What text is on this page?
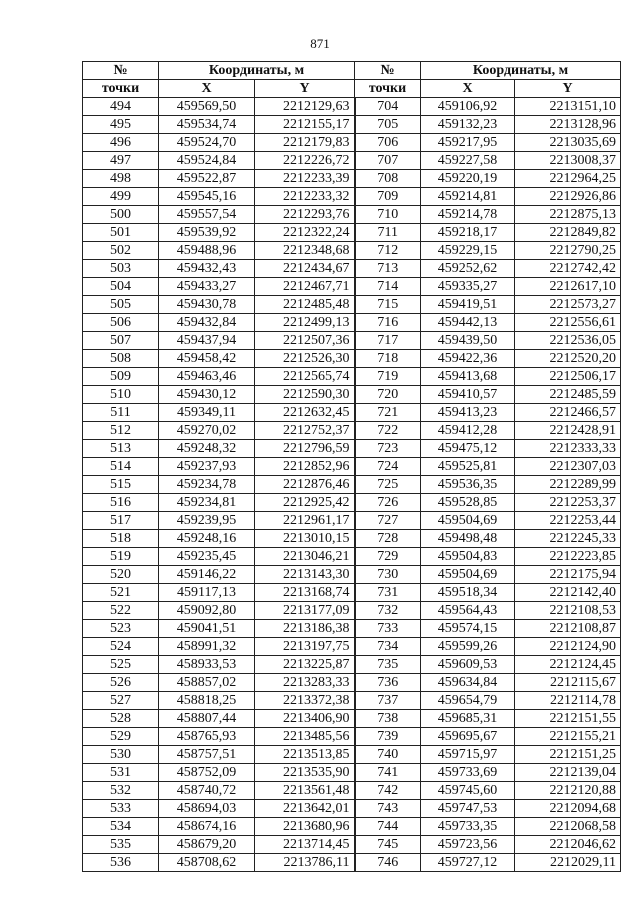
871
№	Координаты, м		№	Координаты, м	
точки	X	Y	точки	X	Y
494	459569,50	2212129,63	704	459106,92	2213151,10
495	459534,74	2212155,17	705	459132,23	2213128,96
496	459524,70	2212179,83	706	459217,95	2213035,69
497	459524,84	2212226,72	707	459227,58	2213008,37
498	459522,87	2212233,39	708	459220,19	2212964,25
499	459545,16	2212233,32	709	459214,81	2212926,86
500	459557,54	2212293,76	710	459214,78	2212875,13
501	459539,92	2212322,24	711	459218,17	2212849,82
502	459488,96	2212348,68	712	459229,15	2212790,25
503	459432,43	2212434,67	713	459252,62	2212742,42
504	459433,27	2212467,71	714	459335,27	2212617,10
505	459430,78	2212485,48	715	459419,51	2212573,27
506	459432,84	2212499,13	716	459442,13	2212556,61
507	459437,94	2212507,36	717	459439,50	2212536,05
508	459458,42	2212526,30	718	459422,36	2212520,20
509	459463,46	2212565,74	719	459413,68	2212506,17
510	459430,12	2212590,30	720	459410,57	2212485,59
511	459349,11	2212632,45	721	459413,23	2212466,57
512	459270,02	2212752,37	722	459412,28	2212428,91
513	459248,32	2212796,59	723	459475,12	2212333,33
514	459237,93	2212852,96	724	459525,81	2212307,03
515	459234,78	2212876,46	725	459536,35	2212289,99
516	459234,81	2212925,42	726	459528,85	2212253,37
517	459239,95	2212961,17	727	459504,69	2212253,44
518	459248,16	2213010,15	728	459498,48	2212245,33
519	459235,45	2213046,21	729	459504,83	2212223,85
520	459146,22	2213143,30	730	459504,69	2212175,94
521	459117,13	2213168,74	731	459518,34	2212142,40
522	459092,80	2213177,09	732	459564,43	2212108,53
523	459041,51	2213186,38	733	459574,15	2212108,87
524	458991,32	2213197,75	734	459599,26	2212124,90
525	458933,53	2213225,87	735	459609,53	2212124,45
526	458857,02	2213283,33	736	459634,84	2212115,67
527	458818,25	2213372,38	737	459654,79	2212114,78
528	458807,44	2213406,90	738	459685,31	2212151,55
529	458765,93	2213485,56	739	459695,67	2212155,21
530	458757,51	2213513,85	740	459715,97	2212151,25
531	458752,09	2213535,90	741	459733,69	2212139,04
532	458740,72	2213561,48	742	459745,60	2212120,88
533	458694,03	2213642,01	743	459747,53	2212094,68
534	458674,16	2213680,96	744	459733,35	2212068,58
535	458679,20	2213714,45	745	459723,56	2212046,62
536	458708,62	2213786,11	746	459727,12	2212029,11
